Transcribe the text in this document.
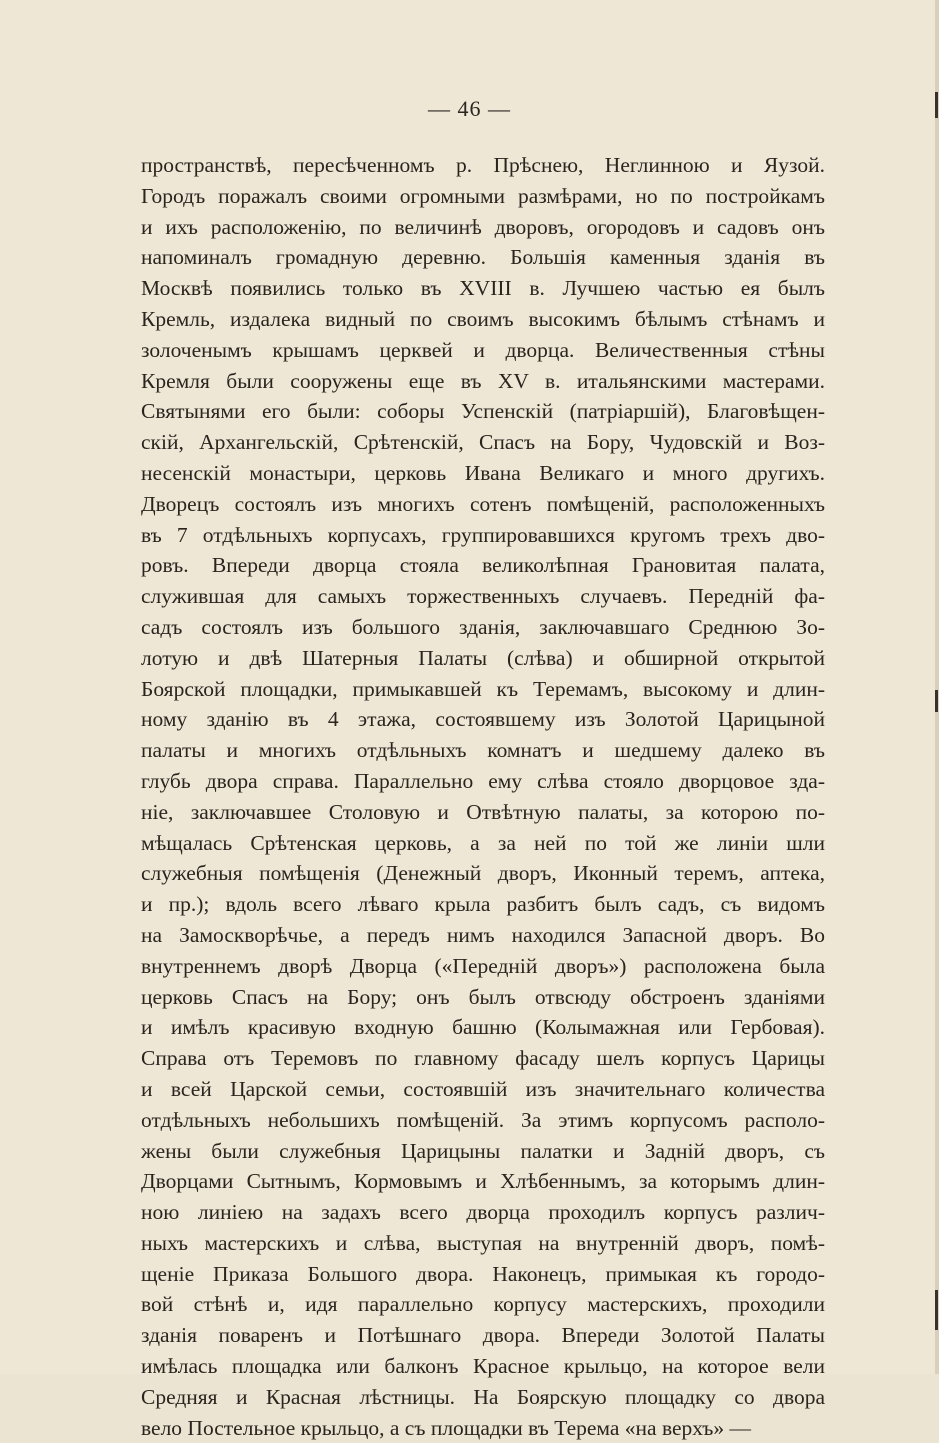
— 46 —
пространствѣ, пересѣченномъ р. Прѣснею, Неглинною и Яузой.
Городъ поражалъ своими огромными размѣрами, но по постройкамъ
и ихъ расположенію, по величинѣ дворовъ, огородовъ и садовъ онъ
напоминалъ громадную деревню. Большія каменныя зданія въ
Москвѣ появились только въ XVIII в. Лучшею частью ея былъ
Кремль, издалека видный по своимъ высокимъ бѣлымъ стѣнамъ и
золоченымъ крышамъ церквей и дворца. Величественныя стѣны
Кремля были сооружены еще въ XV в. итальянскими мастерами.
Святынями его были: соборы Успенскій (патріаршій), Благовѣщен-
скій, Архангельскій, Срѣтенскій, Спасъ на Бору, Чудовскій и Воз-
несенскій монастыри, церковь Ивана Великаго и много другихъ.
Дворецъ состоялъ изъ многихъ сотенъ помѣщеній, расположенныхъ
въ 7 отдѣльныхъ корпусахъ, группировавшихся кругомъ трехъ дво-
ровъ. Впереди дворца стояла великолѣпная Грановитая палата,
служившая для самыхъ торжественныхъ случаевъ. Передній фа-
садъ состоялъ изъ большого зданія, заключавшаго Среднюю Зо-
лотую и двѣ Шатерныя Палаты (слѣва) и обширной открытой
Боярской площадки, примыкавшей къ Теремамъ, высокому и длин-
ному зданію въ 4 этажа, состоявшему изъ Золотой Царицыной
палаты и многихъ отдѣльныхъ комнатъ и шедшему далеко въ
глубь двора справа. Параллельно ему слѣва стояло дворцовое зда-
ніе, заключавшее Столовую и Отвѣтную палаты, за которою по-
мѣщалась Срѣтенская церковь, а за ней по той же линіи шли
служебныя помѣщенія (Денежный дворъ, Иконный теремъ, аптека,
и пр.); вдоль всего лѣваго крыла разбитъ былъ садъ, съ видомъ
на Замоскворѣчье, а передъ нимъ находился Запасной дворъ. Во
внутреннемъ дворѣ Дворца («Передній дворъ») расположена была
церковь Спасъ на Бору; онъ былъ отвсюду обстроенъ зданіями
и имѣлъ красивую входную башню (Колымажная или Гербовая).
Справа отъ Теремовъ по главному фасаду шелъ корпусъ Царицы
и всей Царской семьи, состоявшій изъ значительнаго количества
отдѣльныхъ небольшихъ помѣщеній. За этимъ корпусомъ располо-
жены были служебныя Царицыны палатки и Задній дворъ, съ
Дворцами Сытнымъ, Кормовымъ и Хлѣбеннымъ, за которымъ длин-
ною линіею на задахъ всего дворца проходилъ корпусъ различ-
ныхъ мастерскихъ и слѣва, выступая на внутренній дворъ, помѣ-
щеніе Приказа Большого двора. Наконецъ, примыкая къ городо-
вой стѣнѣ и, идя параллельно корпусу мастерскихъ, проходили
зданія поваренъ и Потѣшнаго двора. Впереди Золотой Палаты
имѣлась площадка или балконъ Красное крыльцо, на которое вели
Средняя и Красная лѣстницы. На Боярскую площадку со двора
вело Постельное крыльцо, а съ площадки въ Терема «на верхъ» —
